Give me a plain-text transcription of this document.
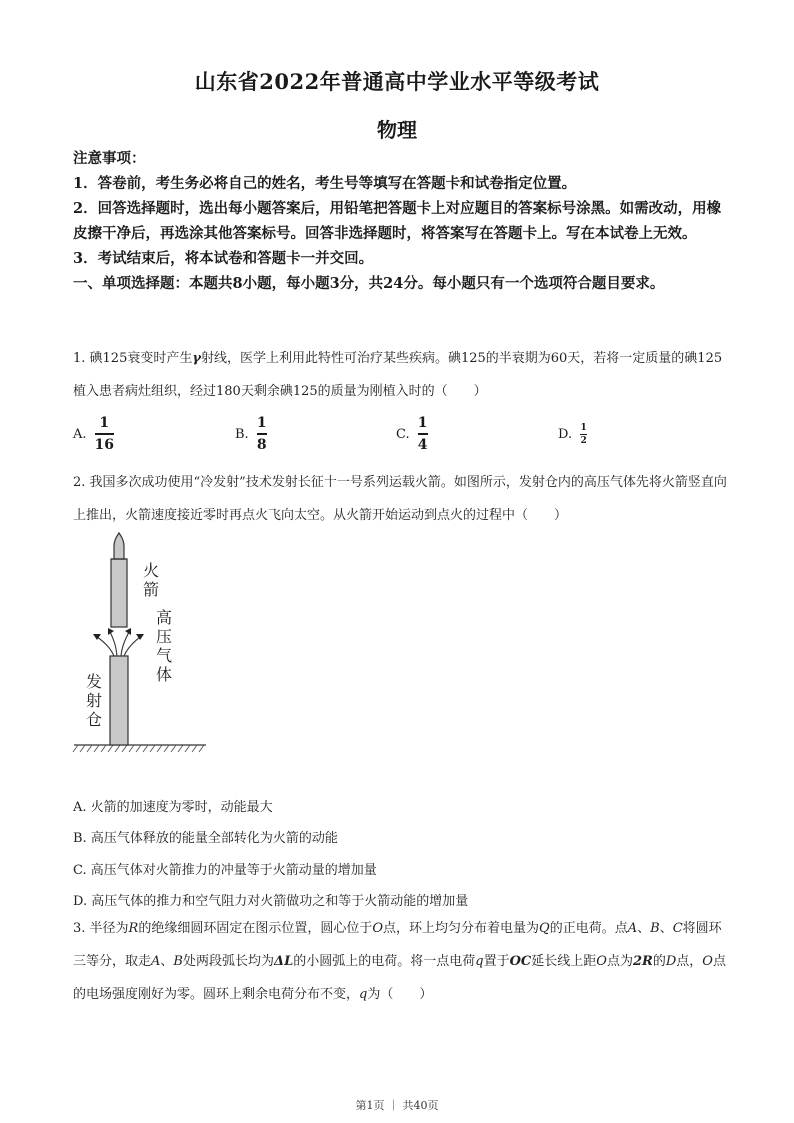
山东省2022年普通高中学业水平等级考试
物理

注意事项：

1．答卷前，考生务必将自己的姓名，考生号等填写在答题卡和试卷指定位置。

2．回答选择题时，选出每小题答案后，用铅笔把答题卡上对应题目的答案标号涂黑。如需改动，用橡皮擦干净后，再选涂其他答案标号。回答非选择题时，将答案写在答题卡上。写在本试卷上无效。

3．考试结束后，将本试卷和答题卡一并交回。

一、单项选择题：本题共8小题，每小题3分，共24分。每小题只有一个选项符合题目要求。

1. 碘125衰变时产生γ射线，医学上利用此特性可治疗某些疾病。碘125的半衰期为60天，若将一定质量的碘125植入患者病灶组织，经过180天剩余碘125的质量为刚植入时的（　　）

A. $\frac{1}{16}$	B. $\frac{1}{8}$	C. $\frac{1}{4}$	D. $\frac{1}{2}$

2. 我国多次成功使用“冷发射”技术发射长征十一号系列运载火箭。如图所示，发射仓内的高压气体先将火箭竖直向上推出，火箭速度接近零时再点火飞向太空。从火箭开始运动到点火的过程中（　　）

火 箭
高 压 气 体
发 射 仓
A. 火箭的加速度为零时，动能最大
B. 高压气体释放的能量全部转化为火箭的动能
C. 高压气体对火箭推力的冲量等于火箭动量的增加量
D. 高压气体的推力和空气阻力对火箭做功之和等于火箭动能的增加量

3. 半径为R的绝缘细圆环固定在图示位置，圆心位于O点，环上均匀分布着电量为Q的正电荷。点A、B、C将圆环三等分，取走A、B处两段弧长均为ΔL的小圆弧上的电荷。将一点电荷q置于OC延长线上距O点为2R的D点，O点的电场强度刚好为零。圆环上剩余电荷分布不变，q为（　　）

第1页 ｜ 共40页
